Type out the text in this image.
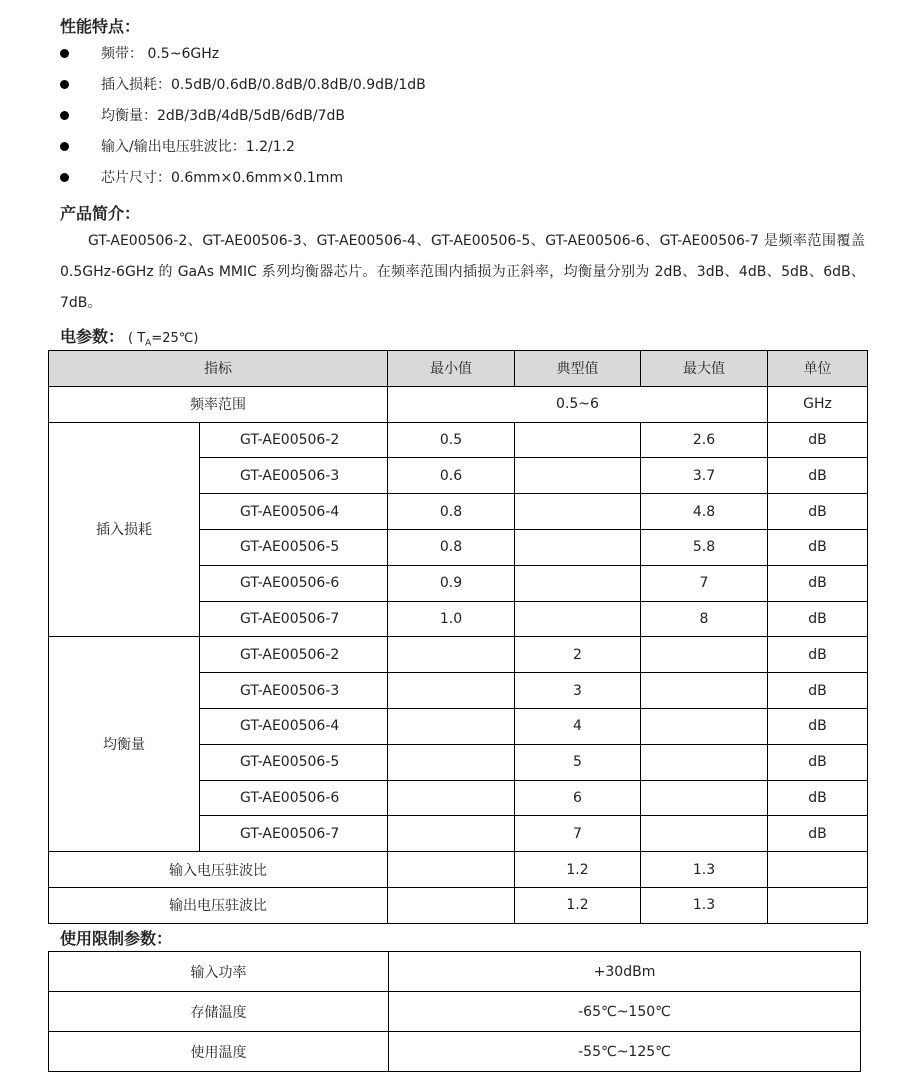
性能特点：
频带： 0.5~6GHz
插入损耗：0.5dB/0.6dB/0.8dB/0.8dB/0.9dB/1dB
均衡量：2dB/3dB/4dB/5dB/6dB/7dB
输入/输出电压驻波比：1.2/1.2
芯片尺寸：0.6mm×0.6mm×0.1mm
产品简介：

GT-AE00506-2、GT-AE00506-3、GT-AE00506-4、GT-AE00506-5、GT-AE00506-6、GT-AE00506-7 是频率范围覆盖 0.5GHz-6GHz 的 GaAs MMIC 系列均衡器芯片。在频率范围内插损为正斜率，均衡量分别为 2dB、3dB、4dB、5dB、6dB、7dB。

电参数： ( $T_A=25℃$)
指标		最小值	典型值	最大值	单位
频率范围		0.5~6			GHz
插入损耗	GT-AE00506-2	0.5		2.6	dB
	GT-AE00506-3	0.6		3.7	dB
	GT-AE00506-4	0.8		4.8	dB
	GT-AE00506-5	0.8		5.8	dB
	GT-AE00506-6	0.9		7	dB
	GT-AE00506-7	1.0		8	dB
均衡量	GT-AE00506-2		2		dB
	GT-AE00506-3		3		dB
	GT-AE00506-4		4		dB
	GT-AE00506-5		5		dB
	GT-AE00506-6		6		dB
	GT-AE00506-7		7		dB
输入电压驻波比			1.2	1.3	
输出电压驻波比			1.2	1.3	
使用限制参数：
输入功率	+30dBm
存储温度	-65℃~150℃
使用温度	-55℃~125℃
